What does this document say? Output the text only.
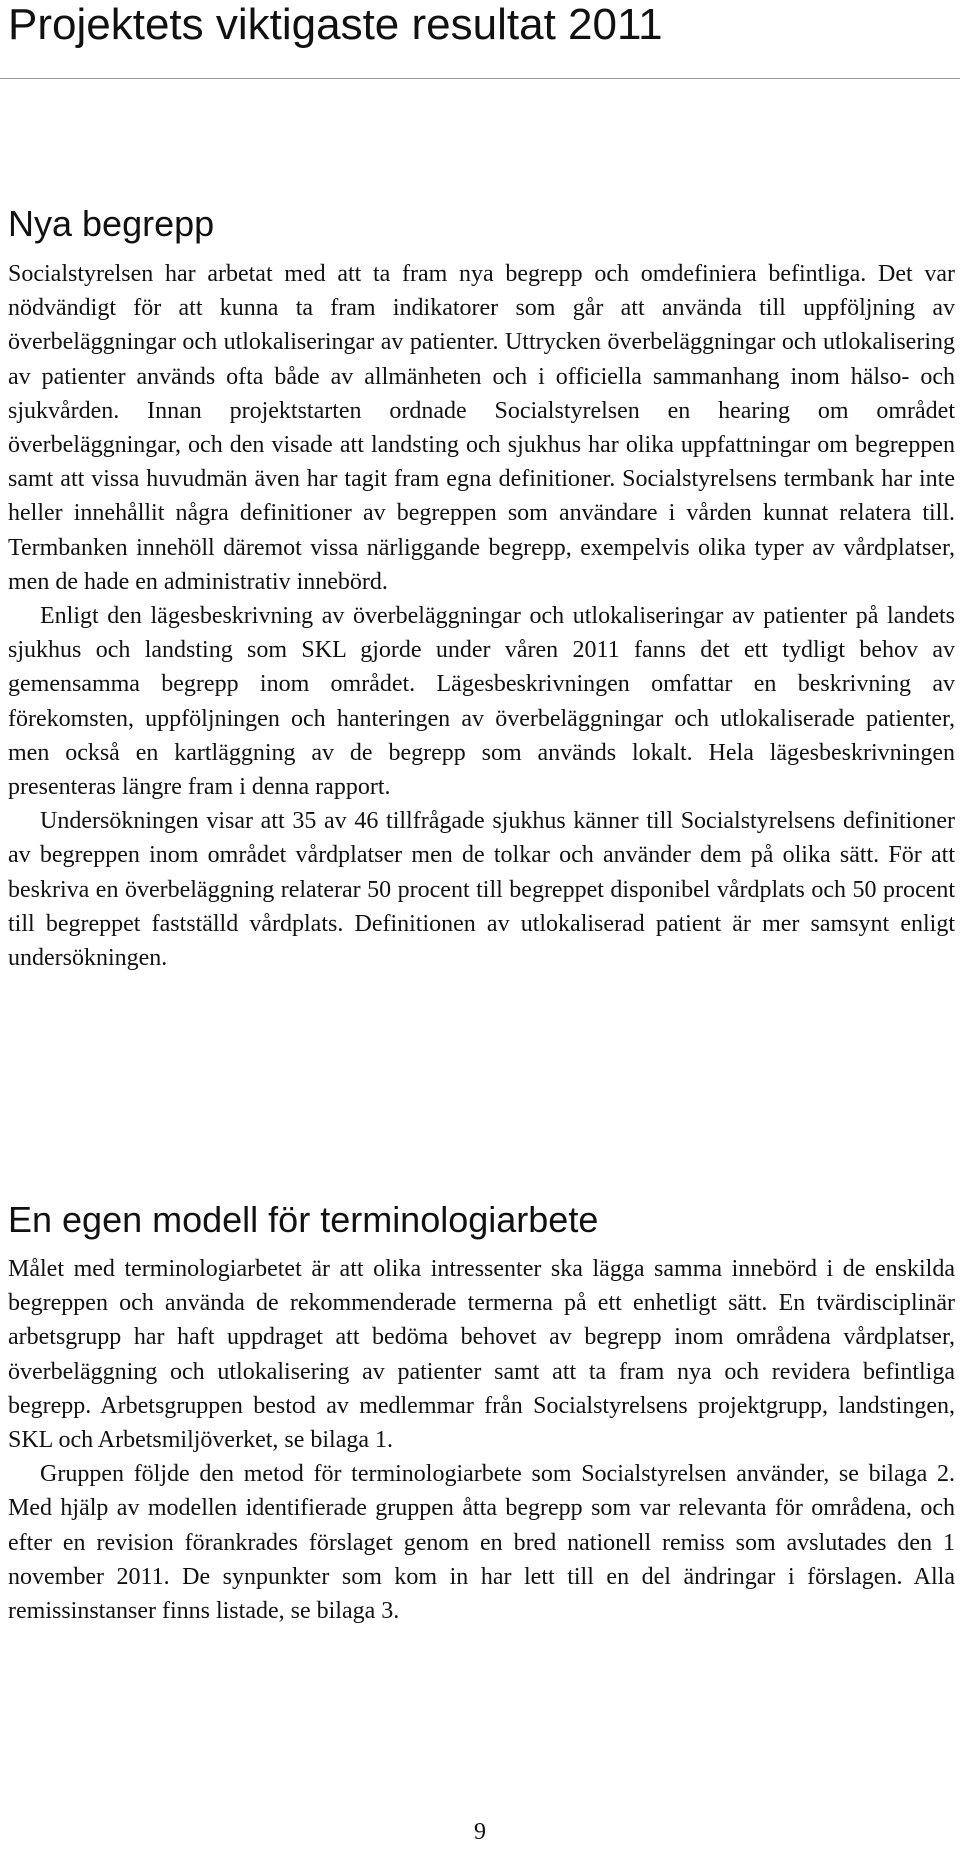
Projektets viktigaste resultat 2011
Nya begrepp

Socialstyrelsen har arbetat med att ta fram nya begrepp och omdefiniera befintliga. Det var nödvändigt för att kunna ta fram indikatorer som går att använda till uppföljning av överbeläggningar och utlokaliseringar av patienter. Uttrycken överbeläggningar och utlokalisering av patienter används ofta både av allmänheten och i officiella sammanhang inom hälso- och sjukvården. Innan projektstarten ordnade Socialstyrelsen en hearing om området överbeläggningar, och den visade att landsting och sjukhus har olika uppfattningar om begreppen samt att vissa huvudmän även har tagit fram egna definitioner. Socialstyrelsens termbank har inte heller innehållit några definitioner av begreppen som användare i vården kunnat relatera till. Termbanken innehöll däremot vissa närliggande begrepp, exempelvis olika typer av vårdplatser, men de hade en administrativ innebörd.

Enligt den lägesbeskrivning av överbeläggningar och utlokaliseringar av patienter på landets sjukhus och landsting som SKL gjorde under våren 2011 fanns det ett tydligt behov av gemensamma begrepp inom området. Lägesbeskrivningen omfattar en beskrivning av förekomsten, uppföljningen och hanteringen av överbeläggningar och utlokaliserade patienter, men också en kartläggning av de begrepp som används lokalt. Hela lägesbeskrivningen presenteras längre fram i denna rapport.

Undersökningen visar att 35 av 46 tillfrågade sjukhus känner till Socialstyrelsens definitioner av begreppen inom området vårdplatser men de tolkar och använder dem på olika sätt. För att beskriva en överbeläggning relaterar 50 procent till begreppet disponibel vårdplats och 50 procent till begreppet fastställd vårdplats. Definitionen av utlokaliserad patient är mer samsynt enligt undersökningen.

En egen modell för terminologiarbete

Målet med terminologiarbetet är att olika intressenter ska lägga samma innebörd i de enskilda begreppen och använda de rekommenderade termerna på ett enhetligt sätt. En tvärdisciplinär arbetsgrupp har haft uppdraget att bedöma behovet av begrepp inom områdena vårdplatser, överbeläggning och utlokalisering av patienter samt att ta fram nya och revidera befintliga begrepp. Arbetsgruppen bestod av medlemmar från Socialstyrelsens projektgrupp, landstingen, SKL och Arbetsmiljöverket, se bilaga 1.

Gruppen följde den metod för terminologiarbete som Socialstyrelsen använder, se bilaga 2. Med hjälp av modellen identifierade gruppen åtta begrepp som var relevanta för områdena, och efter en revision förankrades förslaget genom en bred nationell remiss som avslutades den 1 november 2011. De synpunkter som kom in har lett till en del ändringar i förslagen. Alla remissinstanser finns listade, se bilaga 3.

9
